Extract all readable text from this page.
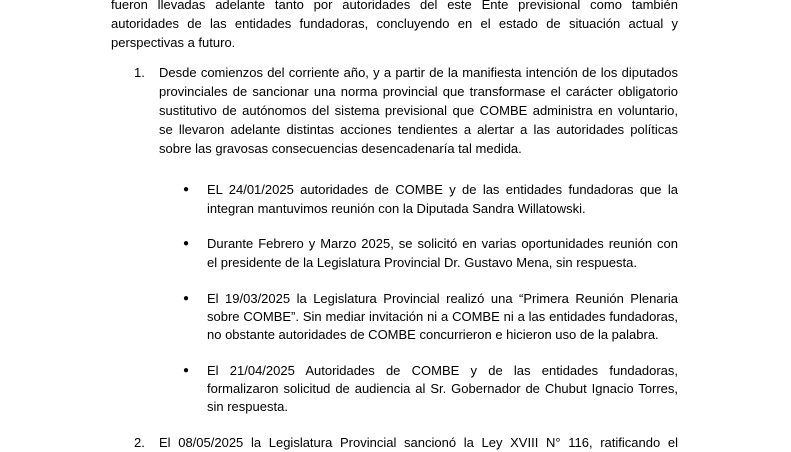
fueron llevadas adelante tanto por autoridades del este Ente previsional como también
autoridades de las entidades fundadoras, concluyendo en el estado de situación actual y
perspectivas a futuro.
1. Desde comienzos del corriente año, y a partir de la manifiesta intención de los diputados
provinciales de sancionar una norma provincial que transformase el carácter obligatorio
sustitutivo de autónomos del sistema previsional que COMBE administra en voluntario,
se llevaron adelante distintas acciones tendientes a alertar a las autoridades políticas
sobre las gravosas consecuencias desencadenaría tal medida.
● EL 24/01/2025 autoridades de COMBE y de las entidades fundadoras que la
integran mantuvimos reunión con la Diputada Sandra Willatowski.
● Durante Febrero y Marzo 2025, se solicitó en varias oportunidades reunión con
el presidente de la Legislatura Provincial Dr. Gustavo Mena, sin respuesta.
● El 19/03/2025 la Legislatura Provincial realizó una “Primera Reunión Plenaria
sobre COMBE”. Sin mediar invitación ni a COMBE ni a las entidades fundadoras,
no obstante autoridades de COMBE concurrieron e hicieron uso de la palabra.
● El 21/04/2025 Autoridades de COMBE y de las entidades fundadoras,
formalizaron solicitud de audiencia al Sr. Gobernador de Chubut Ignacio Torres,
sin respuesta.
2. El 08/05/2025 la Legislatura Provincial sancionó la Ley XVIII N° 116, ratificando el
